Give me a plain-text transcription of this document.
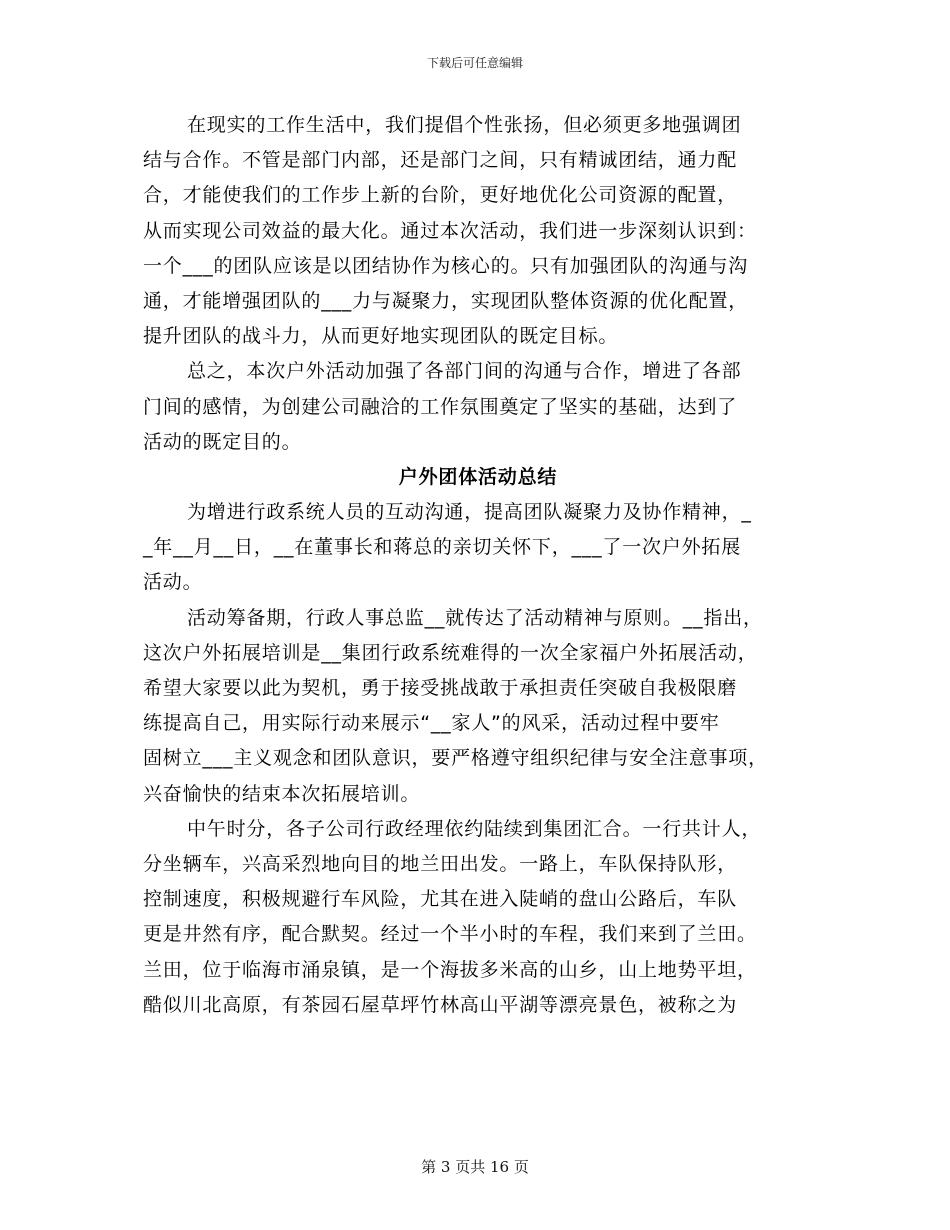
下载后可任意编辑
在现实的工作生活中，我们提倡个性张扬，但必须更多地强调团
结与合作。不管是部门内部，还是部门之间，只有精诚团结，通力配
合，才能使我们的工作步上新的台阶，更好地优化公司资源的配置，
从而实现公司效益的最大化。通过本次活动，我们进一步深刻认识到：
一个___的团队应该是以团结协作为核心的。只有加强团队的沟通与沟
通，才能增强团队的___力与凝聚力，实现团队整体资源的优化配置，
提升团队的战斗力，从而更好地实现团队的既定目标。
总之，本次户外活动加强了各部门间的沟通与合作，增进了各部
门间的感情，为创建公司融洽的工作氛围奠定了坚实的基础，达到了
活动的既定目的。
户外团体活动总结
为增进行政系统人员的互动沟通，提高团队凝聚力及协作精神，_
_年__月__日，__在董事长和蒋总的亲切关怀下，___了一次户外拓展
活动。
活动筹备期，行政人事总监__就传达了活动精神与原则。__指出，
这次户外拓展培训是__集团行政系统难得的一次全家福户外拓展活动，
希望大家要以此为契机，勇于接受挑战敢于承担责任突破自我极限磨
练提高自己，用实际行动来展示“__家人”的风采，活动过程中要牢
固树立___主义观念和团队意识，要严格遵守组织纪律与安全注意事项，
兴奋愉快的结束本次拓展培训。
中午时分，各子公司行政经理依约陆续到集团汇合。一行共计人，
分坐辆车，兴高采烈地向目的地兰田出发。一路上，车队保持队形，
控制速度，积极规避行车风险，尤其在进入陡峭的盘山公路后，车队
更是井然有序，配合默契。经过一个半小时的车程，我们来到了兰田。
兰田，位于临海市涌泉镇，是一个海拔多米高的山乡，山上地势平坦，
酷似川北高原，有茶园石屋草坪竹林高山平湖等漂亮景色，被称之为
第 3 页共 16 页
